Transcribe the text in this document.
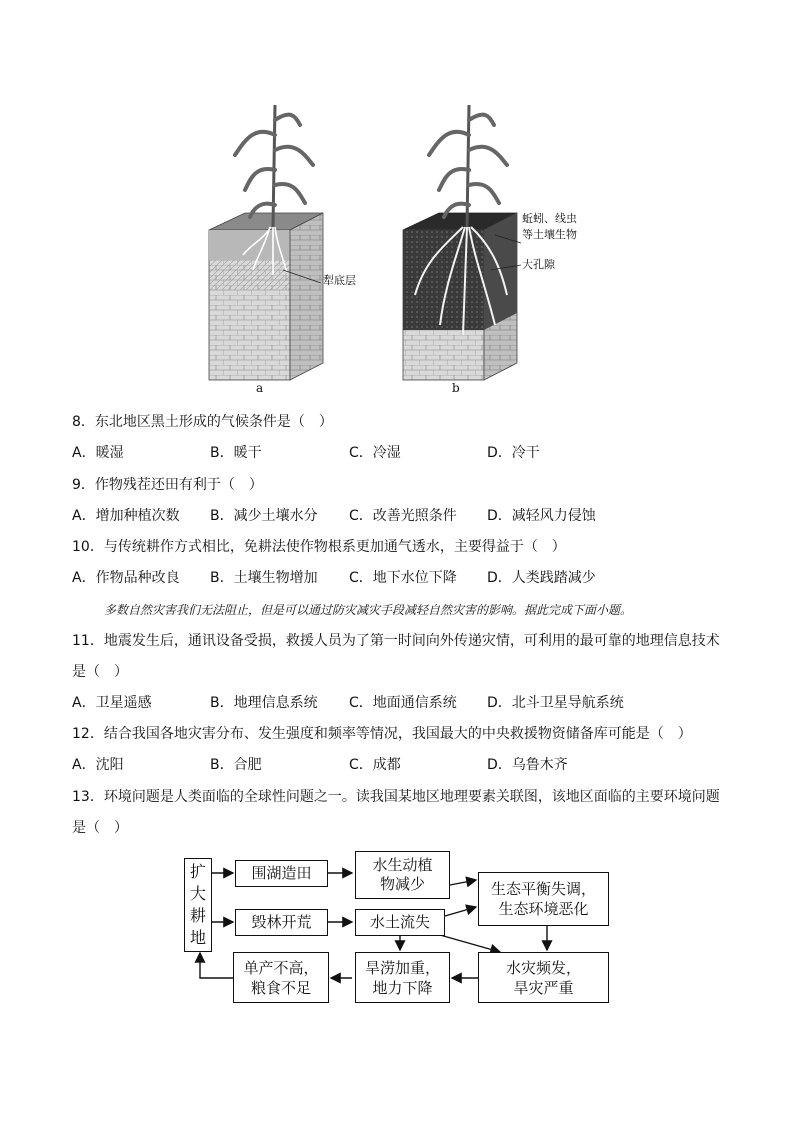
犁底层
蚯蚓、线虫
等土壤生物
大孔隙
a	b
8．东北地区黑土形成的气候条件是（　）
A．暖湿	B．暖干	C．冷湿	D．冷干
9．作物残茬还田有利于（　）
A．增加种植次数 B．减少土壤水分 C．改善光照条件 D．减轻风力侵蚀
10．与传统耕作方式相比，免耕法使作物根系更加通气透水，主要得益于（　）
A．作物品种改良 B．土壤生物增加 C．地下水位下降 D．人类践踏减少
多数自然灾害我们无法阻止，但是可以通过防灾减灾手段减轻自然灾害的影响。据此完成下面小题。
11．地震发生后，通讯设备受损，救援人员为了第一时间向外传递灾情，可利用的最可靠的地理信息技术
是（　）
A．卫星遥感	B．地理信息系统 C．地面通信系统 D．北斗卫星导航系统
12．结合我国各地灾害分布、发生强度和频率等情况，我国最大的中央救援物资储备库可能是（　）
A．沈阳	B．合肥	C．成都	D．乌鲁木齐
13．环境问题是人类面临的全球性问题之一。读我国某地区地理要素关联图，该地区面临的主要环境问题
是（　）
扩
大
耕
地
围湖造田
毁林开荒
水生动植
物减少
水土流失
生态平衡失调，
生态环境恶化
旱涝加重，
地力下降
水灾频发，
旱灾严重
单产不高，
粮食不足
